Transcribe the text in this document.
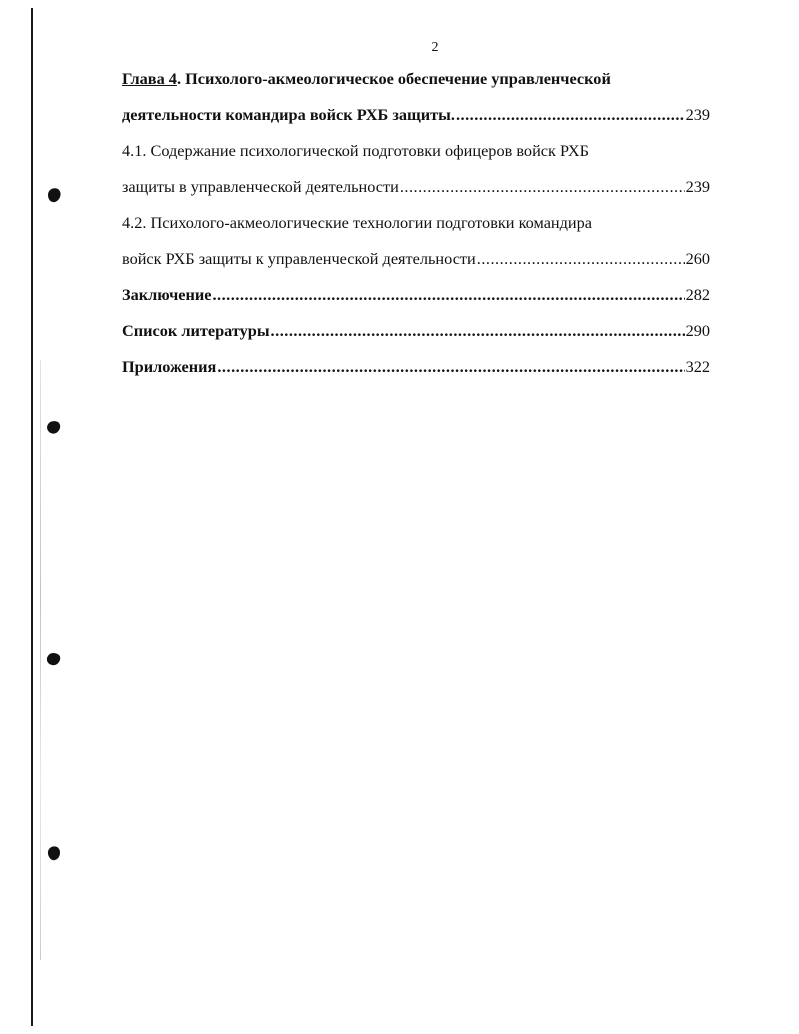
2
Глава 4. Психолого-акмеологическое обеспечение управленческой
деятельности командира войск РХБ защиты. .....	239
4.1. Содержание психологической подготовки офицеров войск РХБ
защиты в управленческой деятельности .....	239
4.2. Психолого-акмеологические технологии подготовки командира
войск РХБ защиты к управленческой деятельности .....	260
Заключение .....	282
Список литературы .....	290
Приложения .....	322
